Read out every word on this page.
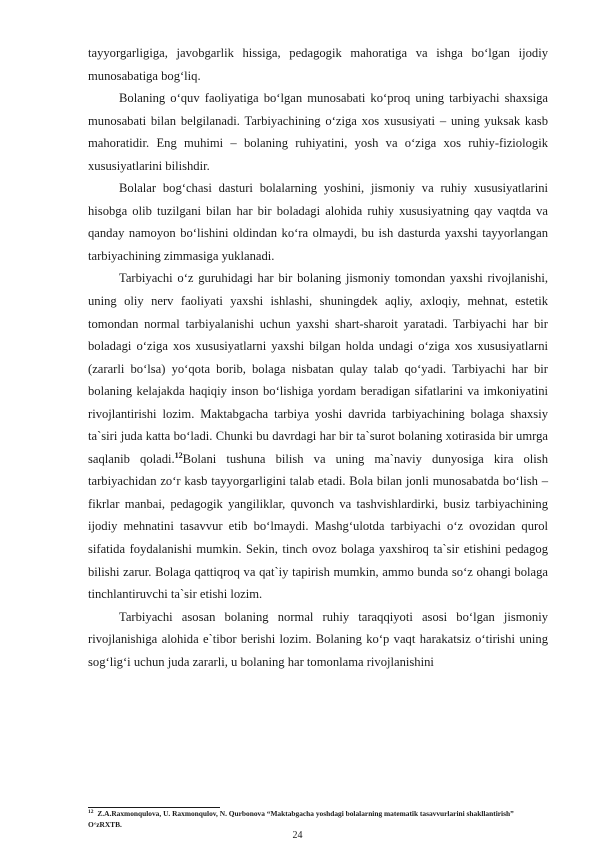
tayyorgarligiga, javobgarlik hissiga, pedagogik mahoratiga va ishga bo‘lgan ijodiy munosabatiga bog‘liq.

Bolaning o‘quv faoliyatiga bo‘lgan munosabati ko‘proq uning tarbiyachi shaxsiga munosabati bilan belgilanadi. Tarbiyachining o‘ziga xos xususiyati – uning yuksak kasb mahoratidir. Eng muhimi – bolaning ruhiyatini, yosh va o‘ziga xos ruhiy-fiziologik xususiyatlarini bilishdir.

Bolalar bog‘chasi dasturi bolalarning yoshini, jismoniy va ruhiy xususiyatlarini hisobga olib tuzilgani bilan har bir boladagi alohida ruhiy xususiyatning qay vaqtda va qanday namoyon bo‘lishini oldindan ko‘ra olmaydi, bu ish dasturda yaxshi tayyorlangan tarbiyachining zimmasiga yuklanadi.

Tarbiyachi o‘z guruhidagi har bir bolaning jismoniy tomondan yaxshi rivojlanishi, uning oliy nerv faoliyati yaxshi ishlashi, shuningdek aqliy, axloqiy, mehnat, estetik tomondan normal tarbiyalanishi uchun yaxshi shart-sharoit yaratadi. Tarbiyachi har bir boladagi o‘ziga xos xususiyatlarni yaxshi bilgan holda undagi o‘ziga xos xususiyatlarni (zararli bo‘lsa) yo‘qota borib, bolaga nisbatan qulay talab qo‘yadi. Tarbiyachi har bir bolaning kelajakda haqiqiy inson bo‘lishiga yordam beradigan sifatlarini va imkoniyatini rivojlantirishi lozim. Maktabgacha tarbiya yoshi davrida tarbiyachining bolaga shaxsiy ta`siri juda katta bo‘ladi. Chunki bu davrdagi har bir ta`surot bolaning xotirasida bir umrga saqlanib qoladi.$^{12}$Bolani tushuna bilish va uning ma`naviy dunyosiga kira olish tarbiyachidan zo‘r kasb tayyorgarligini talab etadi. Bola bilan jonli munosabatda bo‘lish – fikrlar manbai, pedagogik yangiliklar, quvonch va tashvishlardirki, busiz tarbiyachining ijodiy mehnatini tasavvur etib bo‘lmaydi. Mashg‘ulotda tarbiyachi o‘z ovozidan qurol sifatida foydalanishi mumkin. Sekin, tinch ovoz bolaga yaxshiroq ta`sir etishini pedagog bilishi zarur. Bolaga qattiqroq va qat`iy tapirish mumkin, ammo bunda so‘z ohangi bolaga tinchlantiruvchi ta`sir etishi lozim.

Tarbiyachi asosan bolaning normal ruhiy taraqqiyoti asosi bo‘lgan jismoniy rivojlanishiga alohida e`tibor berishi lozim. Bolaning ko‘p vaqt harakatsiz o‘tirishi uning sog‘lig‘i uchun juda zararli, u bolaning har tomonlama rivojlanishini

$^{12}$ Z.A.Raxmonqulova, U. Raxmonqulov, N. Qurbonova “Maktabgacha yoshdagi bolalarning matematik tasavvurlarini shakllantirish” O‘zRXTB.
24
